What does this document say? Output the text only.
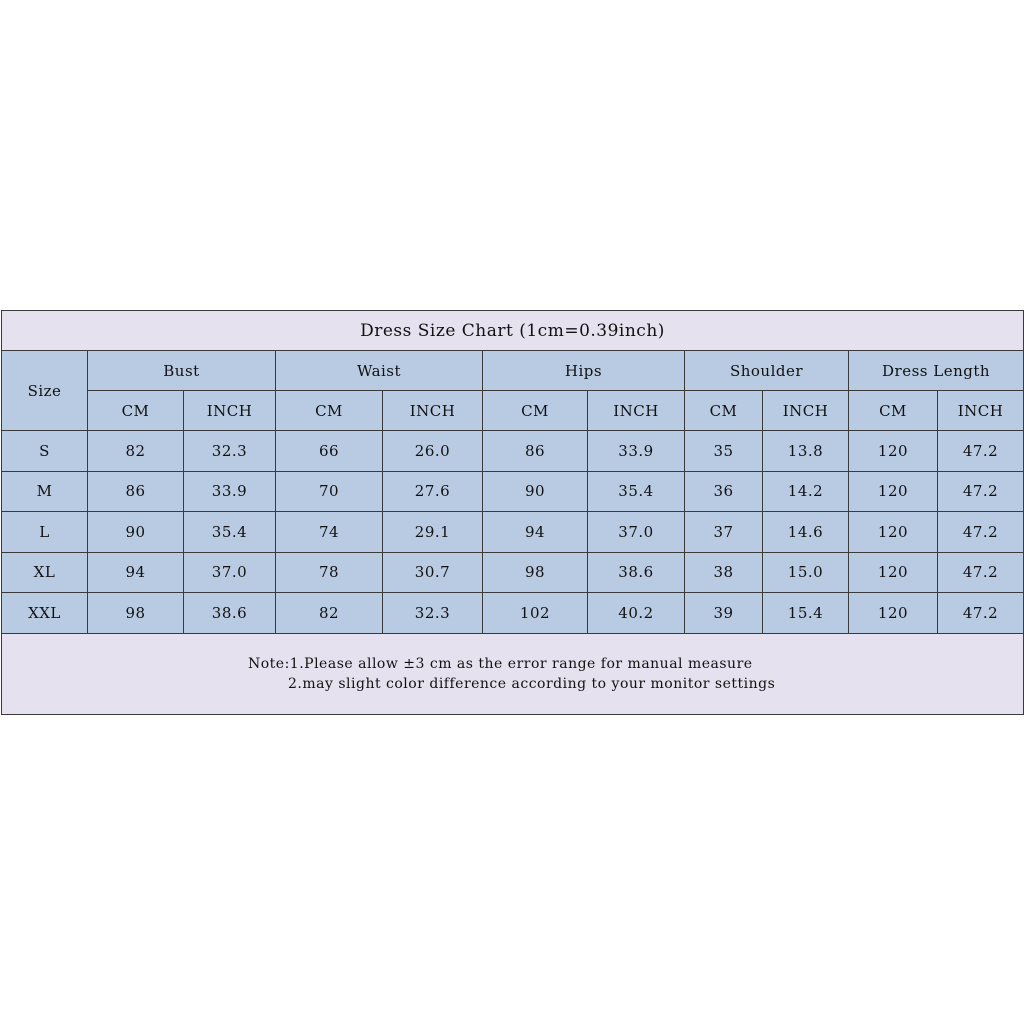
Dress Size Chart (1cm=0.39inch)										
Size	Bust		Waist		Hips		Shoulder		Dress Length	
	CM	INCH	CM	INCH	CM	INCH	CM	INCH	CM	INCH
S	82	32.3	66	26.0	86	33.9	35	13.8	120	47.2
M	86	33.9	70	27.6	90	35.4	36	14.2	120	47.2
L	90	35.4	74	29.1	94	37.0	37	14.6	120	47.2
XL	94	37.0	78	30.7	98	38.6	38	15.0	120	47.2
XXL	98	38.6	82	32.3	102	40.2	39	15.4	120	47.2
Note:1.Please allow ±3 cm as the error range for manual measure
2.may slight color difference according to your monitor settings										
